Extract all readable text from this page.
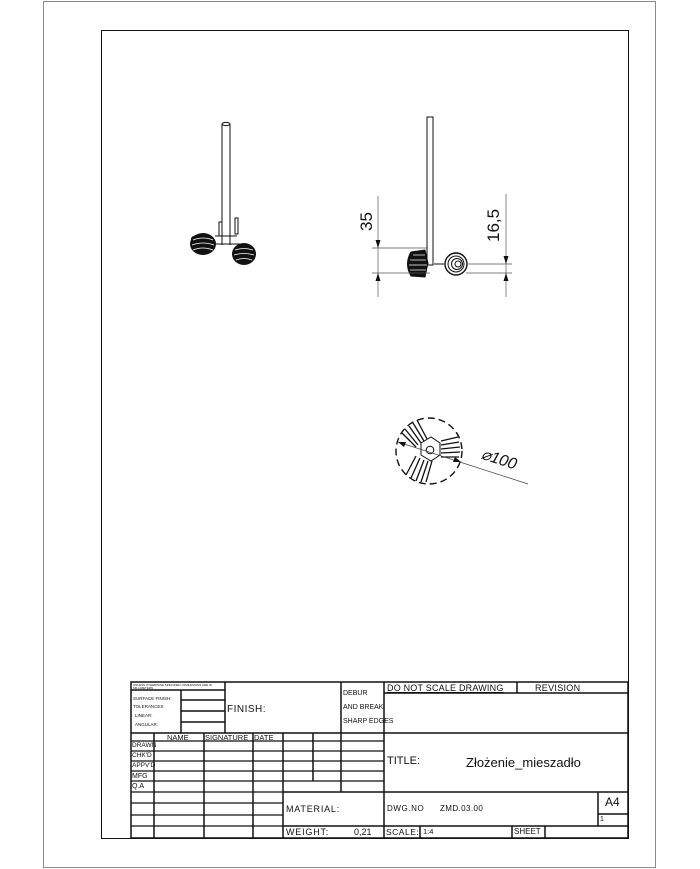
35	16,5
⌀100
UNLESS OTHERWISE SPECIFIED: DIMENSIONS ARE IN MILLIMETERS
SURFACE FINISH:
TOLERANCES:
LINEAR:
ANGULAR:
FINISH:
DEBUR
AND BREAK
SHARP EDGES
DO NOT SCALE DRAWING	REVISION
NAME SIGNATURE DATE
DRAWN
CHK'D
APPV'D
MFG
Q.A
TITLE:	Złożenie_mieszadło
MATERIAL:
WEIGHT:	0,21
DWG.NO ZMD.03.00	A4
1
SCALE: 1:4	SHEET
